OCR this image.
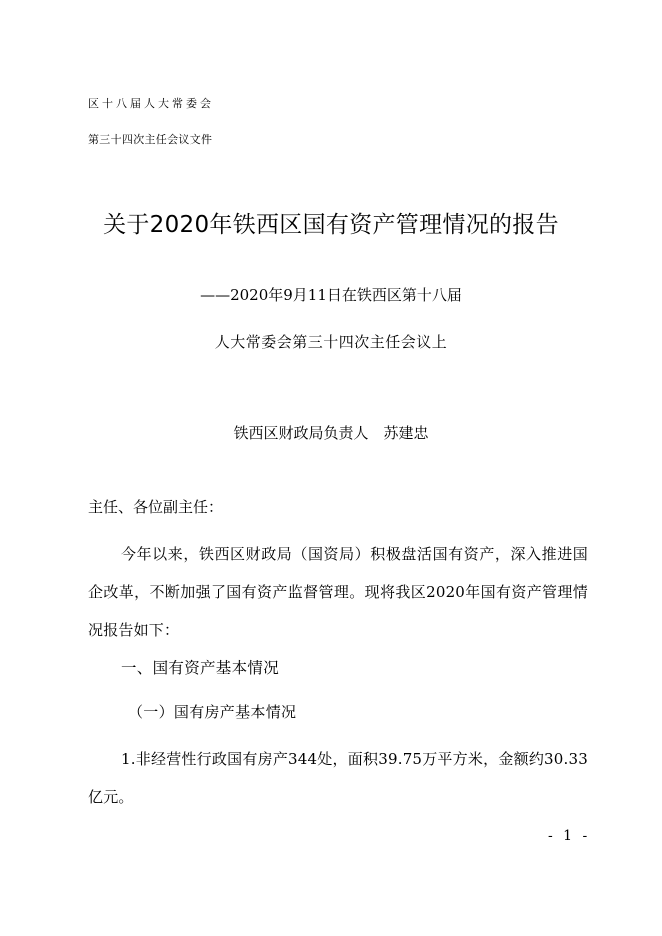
区十八届人大常委会
第三十四次主任会议文件
关于2020年铁西区国有资产管理情况的报告
——2020年9月11日在铁西区第十八届
人大常委会第三十四次主任会议上
铁西区财政局负责人　苏建忠
主任、各位副主任：
今年以来，铁西区财政局（国资局）积极盘活国有资产，深入推进国企改革，不断加强了国有资产监督管理。现将我区2020年国有资产管理情况报告如下：
一、国有资产基本情况
（一）国有房产基本情况
1.非经营性行政国有房产344处，面积39.75万平方米，金额约30.33亿元。
- 1 -
